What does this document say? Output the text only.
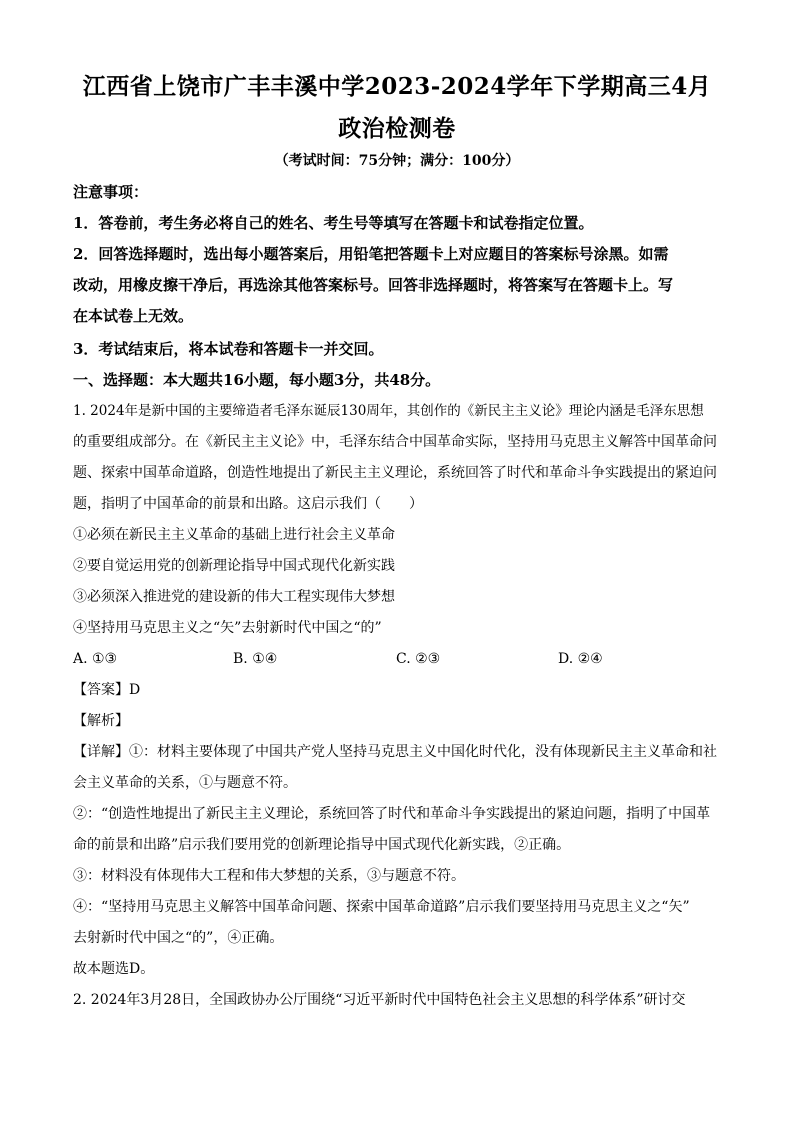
江西省上饶市广丰丰溪中学2023-2024学年下学期高三4月
政治检测卷
（考试时间：75分钟；满分：100分）
注意事项：
1．答卷前，考生务必将自己的姓名、考生号等填写在答题卡和试卷指定位置。
2．回答选择题时，选出每小题答案后，用铅笔把答题卡上对应题目的答案标号涂黑。如需
改动，用橡皮擦干净后，再选涂其他答案标号。回答非选择题时，将答案写在答题卡上。写
在本试卷上无效。
3．考试结束后，将本试卷和答题卡一并交回。
一、选择题：本大题共16小题，每小题3分，共48分。
1. 2024年是新中国的主要缔造者毛泽东诞辰130周年，其创作的《新民主主义论》理论内涵是毛泽东思想
的重要组成部分。在《新民主主义论》中，毛泽东结合中国革命实际，坚持用马克思主义解答中国革命问
题、探索中国革命道路，创造性地提出了新民主主义理论，系统回答了时代和革命斗争实践提出的紧迫问
题，指明了中国革命的前景和出路。这启示我们（　　）
①必须在新民主主义革命的基础上进行社会主义革命
②要自觉运用党的创新理论指导中国式现代化新实践
③必须深入推进党的建设新的伟大工程实现伟大梦想
④坚持用马克思主义之“矢”去射新时代中国之“的”
A. ①③	B. ①④	C. ②③	D. ②④
【答案】D
【解析】
【详解】①：材料主要体现了中国共产党人坚持马克思主义中国化时代化，没有体现新民主主义革命和社
会主义革命的关系，①与题意不符。
②：“创造性地提出了新民主主义理论，系统回答了时代和革命斗争实践提出的紧迫问题，指明了中国革
命的前景和出路”启示我们要用党的创新理论指导中国式现代化新实践，②正确。
③：材料没有体现伟大工程和伟大梦想的关系，③与题意不符。
④：“坚持用马克思主义解答中国革命问题、探索中国革命道路”启示我们要坚持用马克思主义之“矢”
去射新时代中国之“的”，④正确。
故本题选D。
2. 2024年3月28日，全国政协办公厅围绕“习近平新时代中国特色社会主义思想的科学体系”研讨交
